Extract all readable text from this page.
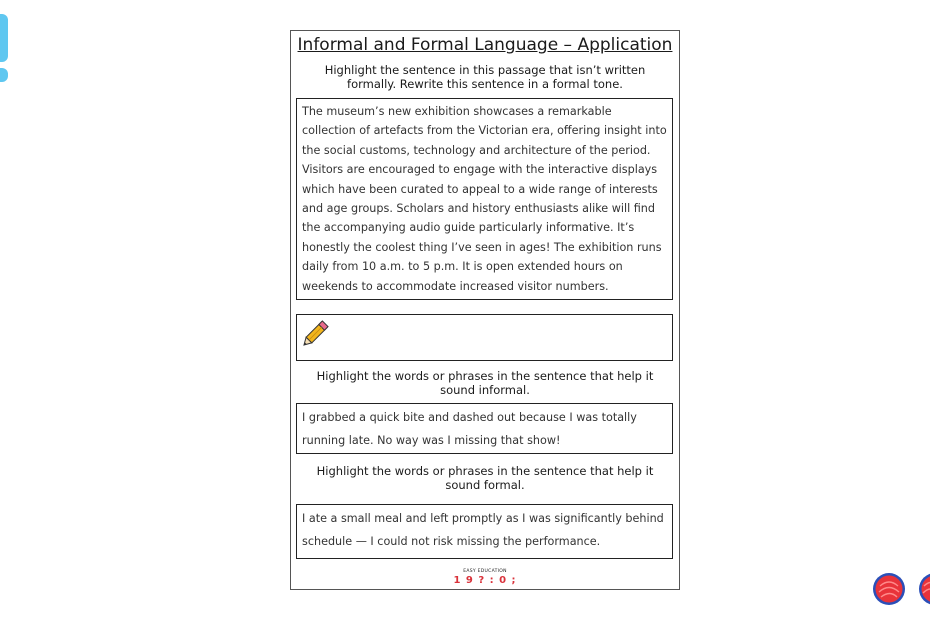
Informal and Formal Language – Application
Highlight the sentence in this passage that isn’t written formally. Rewrite this sentence in a formal tone.
The museum’s new exhibition showcases a remarkable collection of artefacts from the Victorian era, offering insight into the social customs, technology and architecture of the period. Visitors are encouraged to engage with the interactive displays which have been curated to appeal to a wide range of interests and age groups. Scholars and history enthusiasts alike will find the accompanying audio guide particularly informative. It’s honestly the coolest thing I’ve seen in ages! The exhibition runs daily from 10 a.m. to 5 p.m. It is open extended hours on weekends to accommodate increased visitor numbers.
Highlight the words or phrases in the sentence that help it sound informal.
I grabbed a quick bite and dashed out because I was totally running late. No way was I missing that show!
Highlight the words or phrases in the sentence that help it sound formal.
I ate a small meal and left promptly as I was significantly behind schedule — I could not risk missing the performance.
EASY EDUCATION
1 9 ? : 0 ;
